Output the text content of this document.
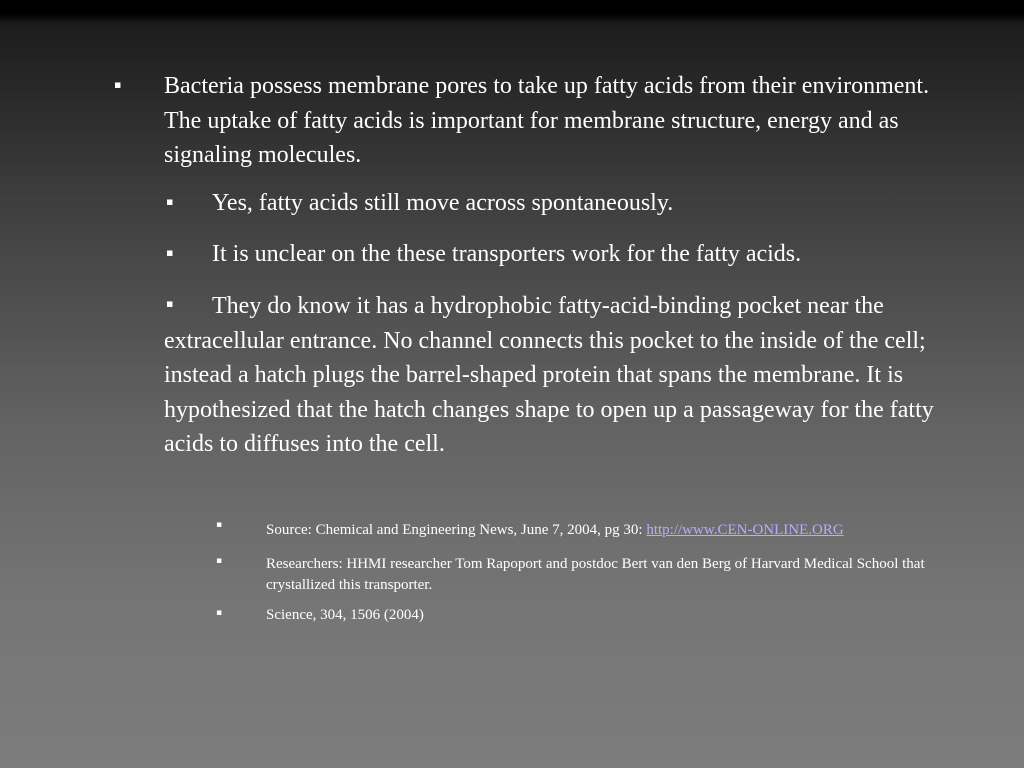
▪ Bacteria possess membrane pores to take up fatty acids from their environment. The uptake of fatty acids is important for membrane structure, energy and as signaling molecules.
▪ Yes, fatty acids still move across spontaneously.
▪ It is unclear on the these transporters work for the fatty acids.
▪	They do know it has a hydrophobic fatty-acid-binding pocket near the extracellular entrance. No channel connects this pocket to the inside of the cell; instead a hatch plugs the barrel-shaped protein that spans the membrane. It is hypothesized that the hatch changes shape to open up a passageway for the fatty acids to diffuses into the cell.
▪	Source: Chemical and Engineering News, June 7, 2004, pg 30: http://www.CEN-ONLINE.ORG
▪	Researchers: HHMI researcher Tom Rapoport and postdoc Bert van den Berg of Harvard Medical School that crystallized this transporter.
▪	Science, 304, 1506 (2004)
